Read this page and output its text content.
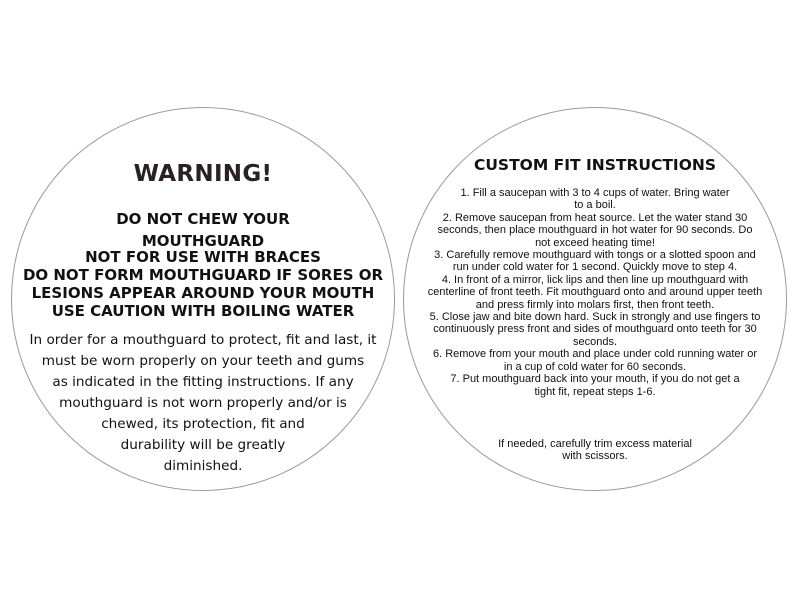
WARNING!
DO NOT CHEW YOUR
MOUTHGUARD
NOT FOR USE WITH BRACES
DO NOT FORM MOUTHGUARD IF SORES OR
LESIONS APPEAR AROUND YOUR MOUTH
USE CAUTION WITH BOILING WATER
In order for a mouthguard to protect, fit and last, it
must be worn properly on your teeth and gums
as indicated in the fitting instructions. If any
mouthguard is not worn properly and/or is
chewed, its protection, fit and
durability will be greatly
diminished.
CUSTOM FIT INSTRUCTIONS
1. Fill a saucepan with 3 to 4 cups of water. Bring water
to a boil.
2. Remove saucepan from heat source. Let the water stand 30
seconds, then place mouthguard in hot water for 90 seconds. Do
not exceed heating time!
3. Carefully remove mouthguard with tongs or a slotted spoon and
run under cold water for 1 second. Quickly move to step 4.
4. In front of a mirror, lick lips and then line up mouthguard with
centerline of front teeth. Fit mouthguard onto and around upper teeth
and press firmly into molars first, then front teeth.
5. Close jaw and bite down hard. Suck in strongly and use fingers to
continuously press front and sides of mouthguard onto teeth for 30
seconds.
6. Remove from your mouth and place under cold running water or
in a cup of cold water for 60 seconds.
7. Put mouthguard back into your mouth, if you do not get a
tight fit, repeat steps 1-6.
If needed, carefully trim excess material
with scissors.
